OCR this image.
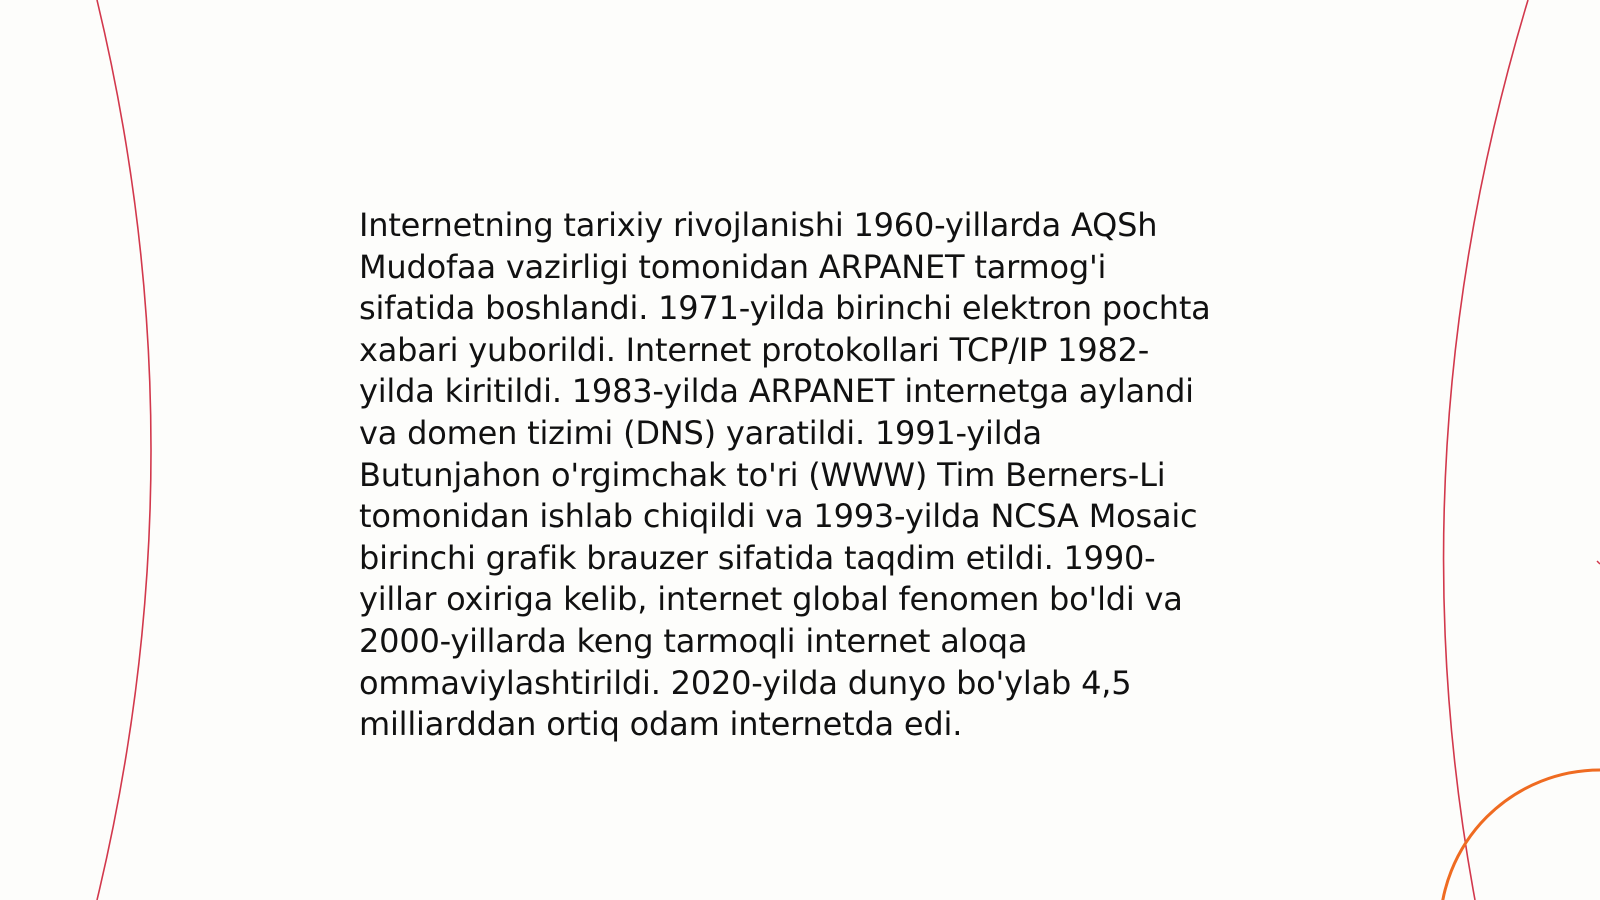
Internetning tarixiy rivojlanishi 1960-yillarda AQSh
Mudofaa vazirligi tomonidan ARPANET tarmog'i
sifatida boshlandi. 1971-yilda birinchi elektron pochta
xabari yuborildi. Internet protokollari TCP/IP 1982-
yilda kiritildi. 1983-yilda ARPANET internetga aylandi
va domen tizimi (DNS) yaratildi. 1991-yilda
Butunjahon o'rgimchak to'ri (WWW) Tim Berners-Li
tomonidan ishlab chiqildi va 1993-yilda NCSA Mosaic
birinchi grafik brauzer sifatida taqdim etildi. 1990-
yillar oxiriga kelib, internet global fenomen bo'ldi va
2000-yillarda keng tarmoqli internet aloqa
ommaviylashtirildi. 2020-yilda dunyo bo'ylab 4,5
milliarddan ortiq odam internetda edi.
